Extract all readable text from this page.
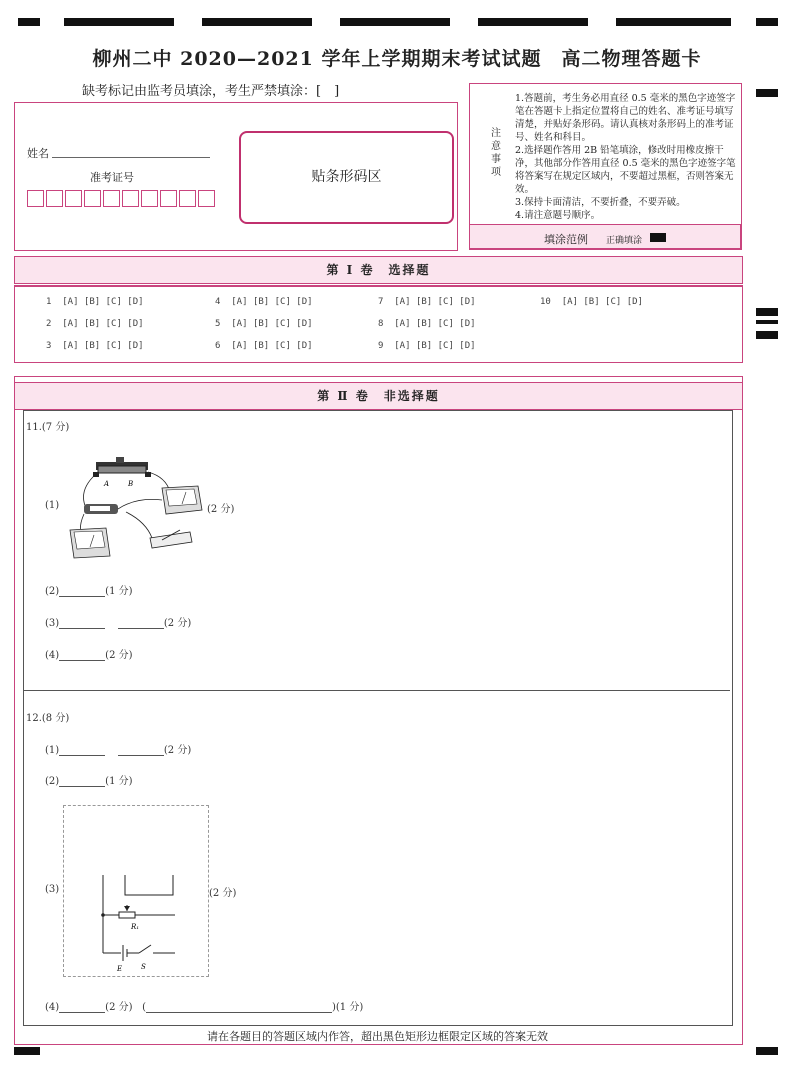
柳州二中 2020—2021 学年上学期期末考试试题　高二物理答题卡
缺考标记由监考员填涂，考生严禁填涂：[　]
姓名
准考证号	贴条形码区
注意事项
1.答题前，考生务必用直径 0.5 毫米的黑色字迹签字笔在答题卡上指定位置将自己的姓名、准考证号填写清楚，并贴好条形码。请认真核对条形码上的准考证号、姓名和科目。
2.选择题作答用 2B 铅笔填涂，修改时用橡皮擦干净，其他部分作答用直径 0.5 毫米的黑色字迹签字笔将答案写在规定区域内，不要超过黑框，否则答案无效。
3.保持卡面清洁，不要折叠，不要弄破。
4.请注意题号顺序。
填涂范例 正确填涂
第 Ⅰ 卷　选择题
1 [A] [B] [C] [D]
2 [A] [B] [C] [D]
3 [A] [B] [C] [D]
4 [A] [B] [C] [D]
5 [A] [B] [C] [D]
6 [A] [B] [C] [D]
7 [A] [B] [C] [D]
8 [A] [B] [C] [D]
9 [A] [B] [C] [D]
10 [A] [B] [C] [D]
第 Ⅱ 卷　非选择题
11.(7 分)
A	B
(1)	(2 分)
(2)	(1 分)
(3)	(2 分)
(4)	(2 分)
12.(8 分)
(1)	(2 分)
(2)	(1 分)
R₁
E	S
(3)	(2 分)
(4)	(2 分) (	)(1 分)
请在各题目的答题区域内作答，超出黑色矩形边框限定区域的答案无效
